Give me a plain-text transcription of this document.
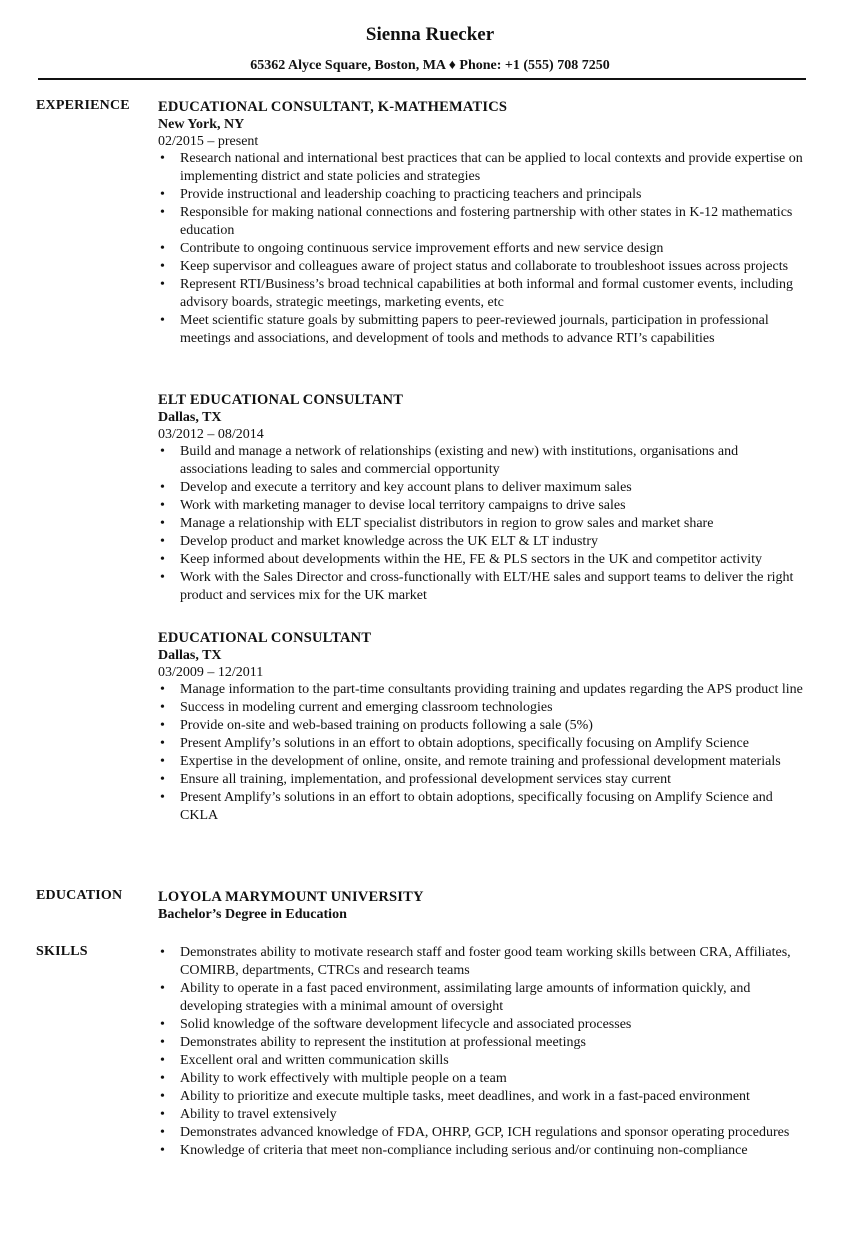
Sienna Ruecker
65362 Alyce Square, Boston, MA ♦ Phone: +1 (555) 708 7250
EXPERIENCE EDUCATIONAL CONSULTANT, K-MATHEMATICS
New York, NY
02/2015 – present
• Research national and international best practices that can be applied to local contexts and provide expertise on implementing district and state policies and strategies
• Provide instructional and leadership coaching to practicing teachers and principals
• Responsible for making national connections and fostering partnership with other states in K-12 mathematics education
• Contribute to ongoing continuous service improvement efforts and new service design
• Keep supervisor and colleagues aware of project status and collaborate to troubleshoot issues across projects
• Represent RTI/Business’s broad technical capabilities at both informal and formal customer events, including advisory boards, strategic meetings, marketing events, etc
• Meet scientific stature goals by submitting papers to peer-reviewed journals, participation in professional meetings and associations, and development of tools and methods to advance RTI’s capabilities
ELT EDUCATIONAL CONSULTANT
Dallas, TX
03/2012 – 08/2014
• Build and manage a network of relationships (existing and new) with institutions, organisations and associations leading to sales and commercial opportunity
• Develop and execute a territory and key account plans to deliver maximum sales
• Work with marketing manager to devise local territory campaigns to drive sales
• Manage a relationship with ELT specialist distributors in region to grow sales and market share
• Develop product and market knowledge across the UK ELT & LT industry
• Keep informed about developments within the HE, FE & PLS sectors in the UK and competitor activity
• Work with the Sales Director and cross-functionally with ELT/HE sales and support teams to deliver the right product and services mix for the UK market
EDUCATIONAL CONSULTANT
Dallas, TX
03/2009 – 12/2011
• Manage information to the part-time consultants providing training and updates regarding the APS product line
• Success in modeling current and emerging classroom technologies
• Provide on-site and web-based training on products following a sale (5%)
• Present Amplify’s solutions in an effort to obtain adoptions, specifically focusing on Amplify Science
• Expertise in the development of online, onsite, and remote training and professional development materials
• Ensure all training, implementation, and professional development services stay current
• Present Amplify’s solutions in an effort to obtain adoptions, specifically focusing on Amplify Science and CKLA
EDUCATION LOYOLA MARYMOUNT UNIVERSITY
Bachelor’s Degree in Education
SKILLS
•	Demonstrates ability to motivate research staff and foster good team working skills between CRA, Affiliates, COMIRB, departments, CTRCs and research teams
• Ability to operate in a fast paced environment, assimilating large amounts of information quickly, and developing strategies with a minimal amount of oversight
• Solid knowledge of the software development lifecycle and associated processes
• Demonstrates ability to represent the institution at professional meetings
• Excellent oral and written communication skills
• Ability to work effectively with multiple people on a team
• Ability to prioritize and execute multiple tasks, meet deadlines, and work in a fast-paced environment
• Ability to travel extensively
• Demonstrates advanced knowledge of FDA, OHRP, GCP, ICH regulations and sponsor operating procedures
• Knowledge of criteria that meet non-compliance including serious and/or continuing non-compliance
